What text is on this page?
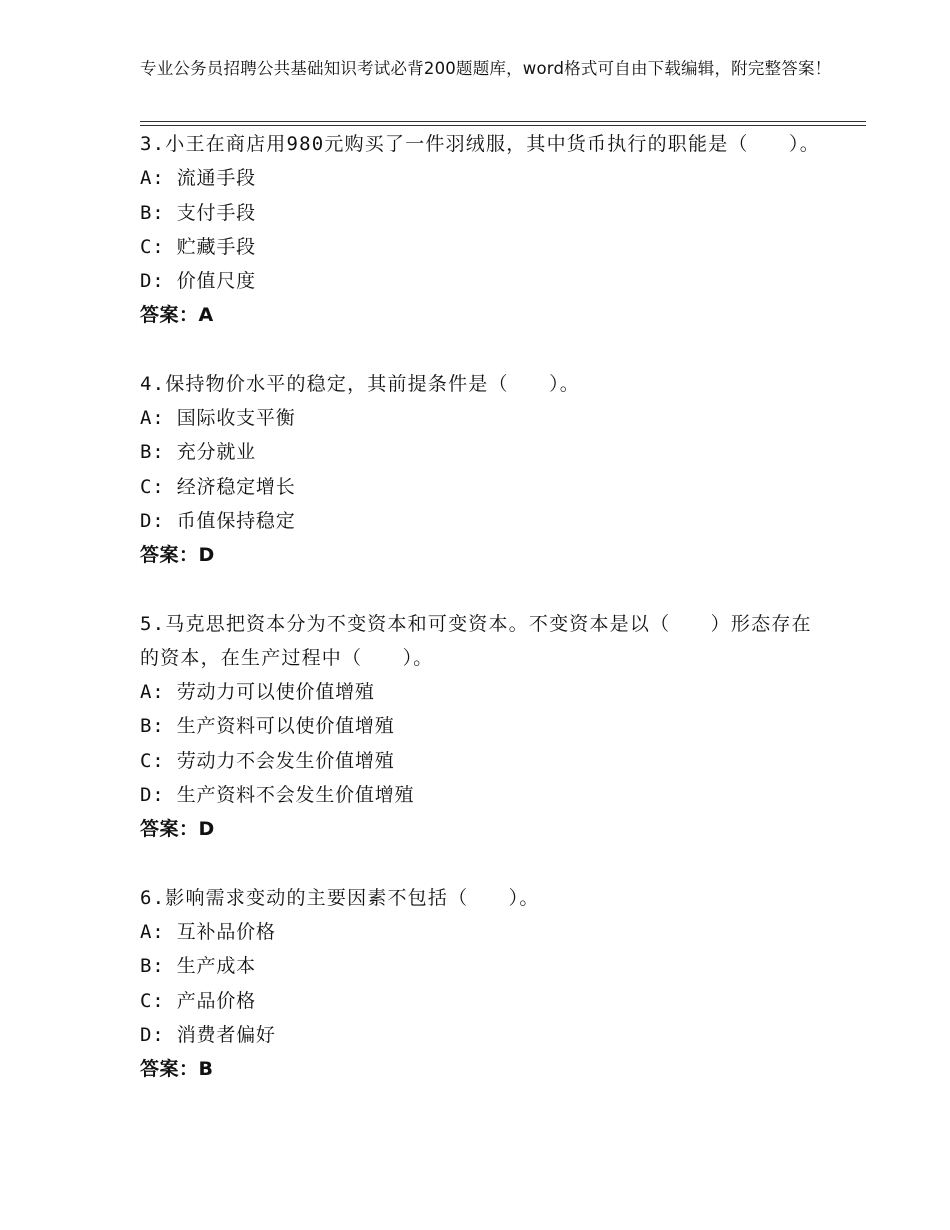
专业公务员招聘公共基础知识考试必背200题题库，word格式可自由下载编辑，附完整答案！
3.小王在商店用980元购买了一件羽绒服，其中货币执行的职能是（　　）。
A: 流通手段
B: 支付手段
C: 贮藏手段
D: 价值尺度
答案：A
4.保持物价水平的稳定，其前提条件是（　　）。
A: 国际收支平衡
B: 充分就业
C: 经济稳定增长
D: 币值保持稳定
答案：D
5.马克思把资本分为不变资本和可变资本。不变资本是以（　　）形态存在的资本，在生产过程中（　　）。
A: 劳动力可以使价值增殖
B: 生产资料可以使价值增殖
C: 劳动力不会发生价值增殖
D: 生产资料不会发生价值增殖
答案：D
6.影响需求变动的主要因素不包括（　　）。
A: 互补品价格
B: 生产成本
C: 产品价格
D: 消费者偏好
答案：B
